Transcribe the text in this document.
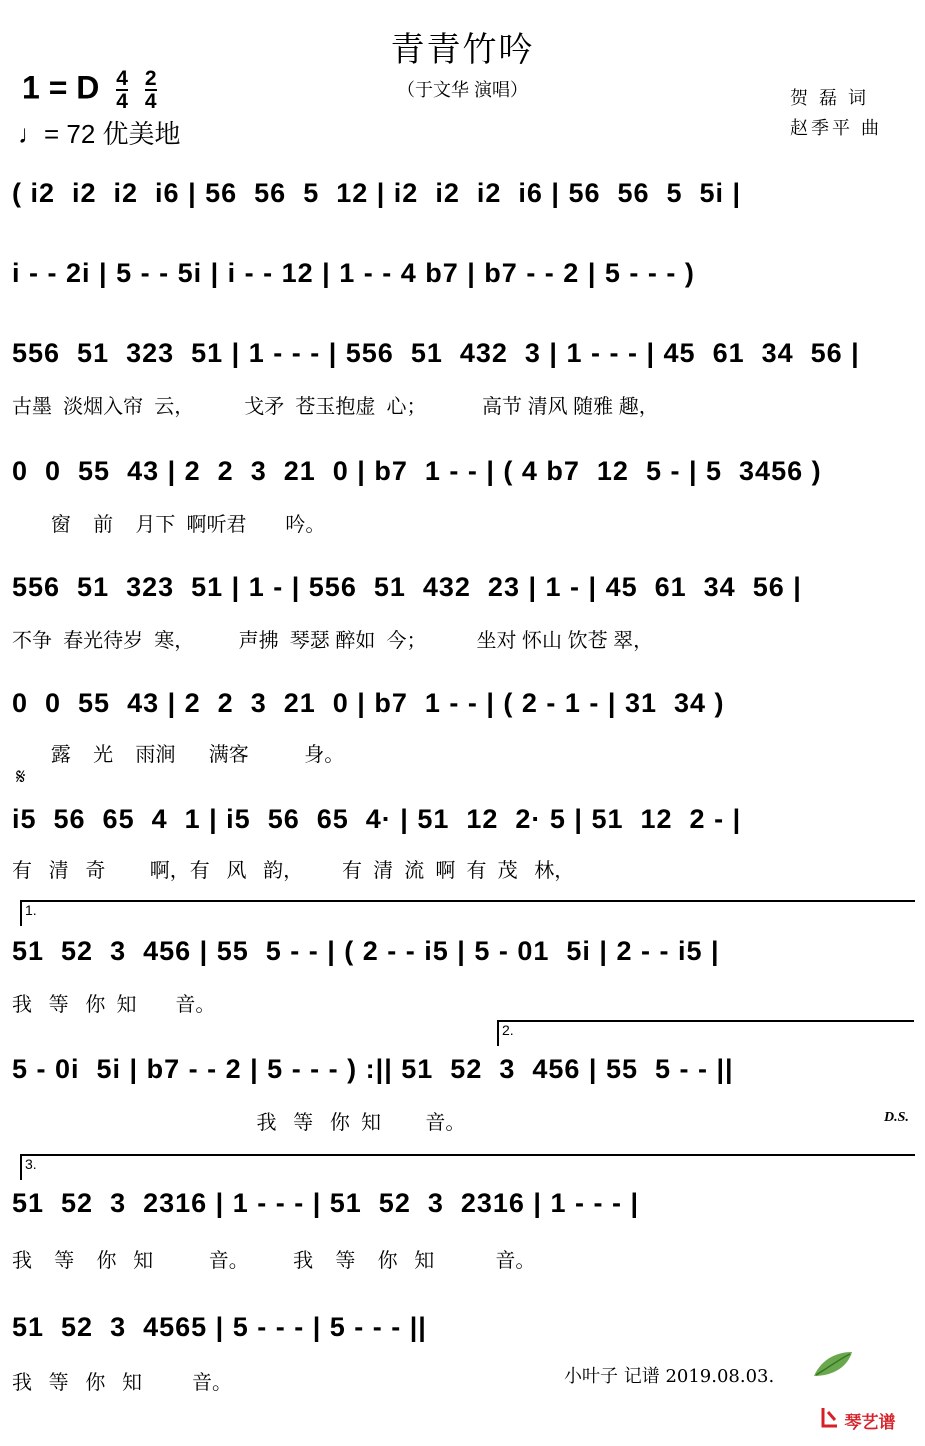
青青竹吟
（于文华 演唱）
1 = D $\frac{4}{4}$
$\frac{2}{4}$
♩= 72 优美地
贺 磊 词
赵季平 曲
( i2  i2  i2  i6 | 56  56  5  12 | i2  i2  i2  i6 | 56  56  5  5i |
i - - 2i | 5 - - 5i | i - - 12 | 1 - - 4 b7 | b7 - - 2 | 5 - - - )
556  51  323  51 | 1 - - - | 556  51  432  3 | 1 - - - | 45  61  34  56 |
古墨  淡烟入帘  云，         戈矛  苍玉抱虚  心；          高节 清风 随雅 趣，
0  0  55  43 | 2  2  3  21  0 | b7  1 - - | ( 4 b7  12  5 - | 5  3456 )
窗    前    月下  啊听君       吟。
556  51  323  51 | 1 - | 556  51  432  23 | 1 - | 45  61  34  56 |
不争  春光待岁  寒，        声拂  琴瑟 醉如  今；         坐对 怀山 饮苍 翠，
0  0  55  43 | 2  2  3  21  0 | b7  1 - - | ( 2 - 1 - | 31  34 )
露    光    雨涧      满客          身。
𝄋
i5  56  65  4  1 | i5  56  65  4· | 51  12  2· 5 | 51  12  2 - |
有   清   奇        啊，有   风   韵，       有  清  流  啊  有  茂   林，
1.
51  52  3  456 | 55  5 - - | ( 2 - - i5 | 5 - 01  5i | 2 - - i5 |
我   等   你  知       音。
2.
5 - 0i  5i | b7 - - 2 | 5 - - - ) :|| 51  52  3  456 | 55  5 - - ||
我   等   你  知        音。	D.S.
3.
51  52  3  2316 | 1 - - - | 51  52  3  2316 | 1 - - - |
我    等    你   知          音。        我    等    你   知           音。
51  52  3  4565 | 5 - - - | 5 - - - ||
我   等   你   知         音。	小叶子 记谱 2019.08.03.
琴艺谱
